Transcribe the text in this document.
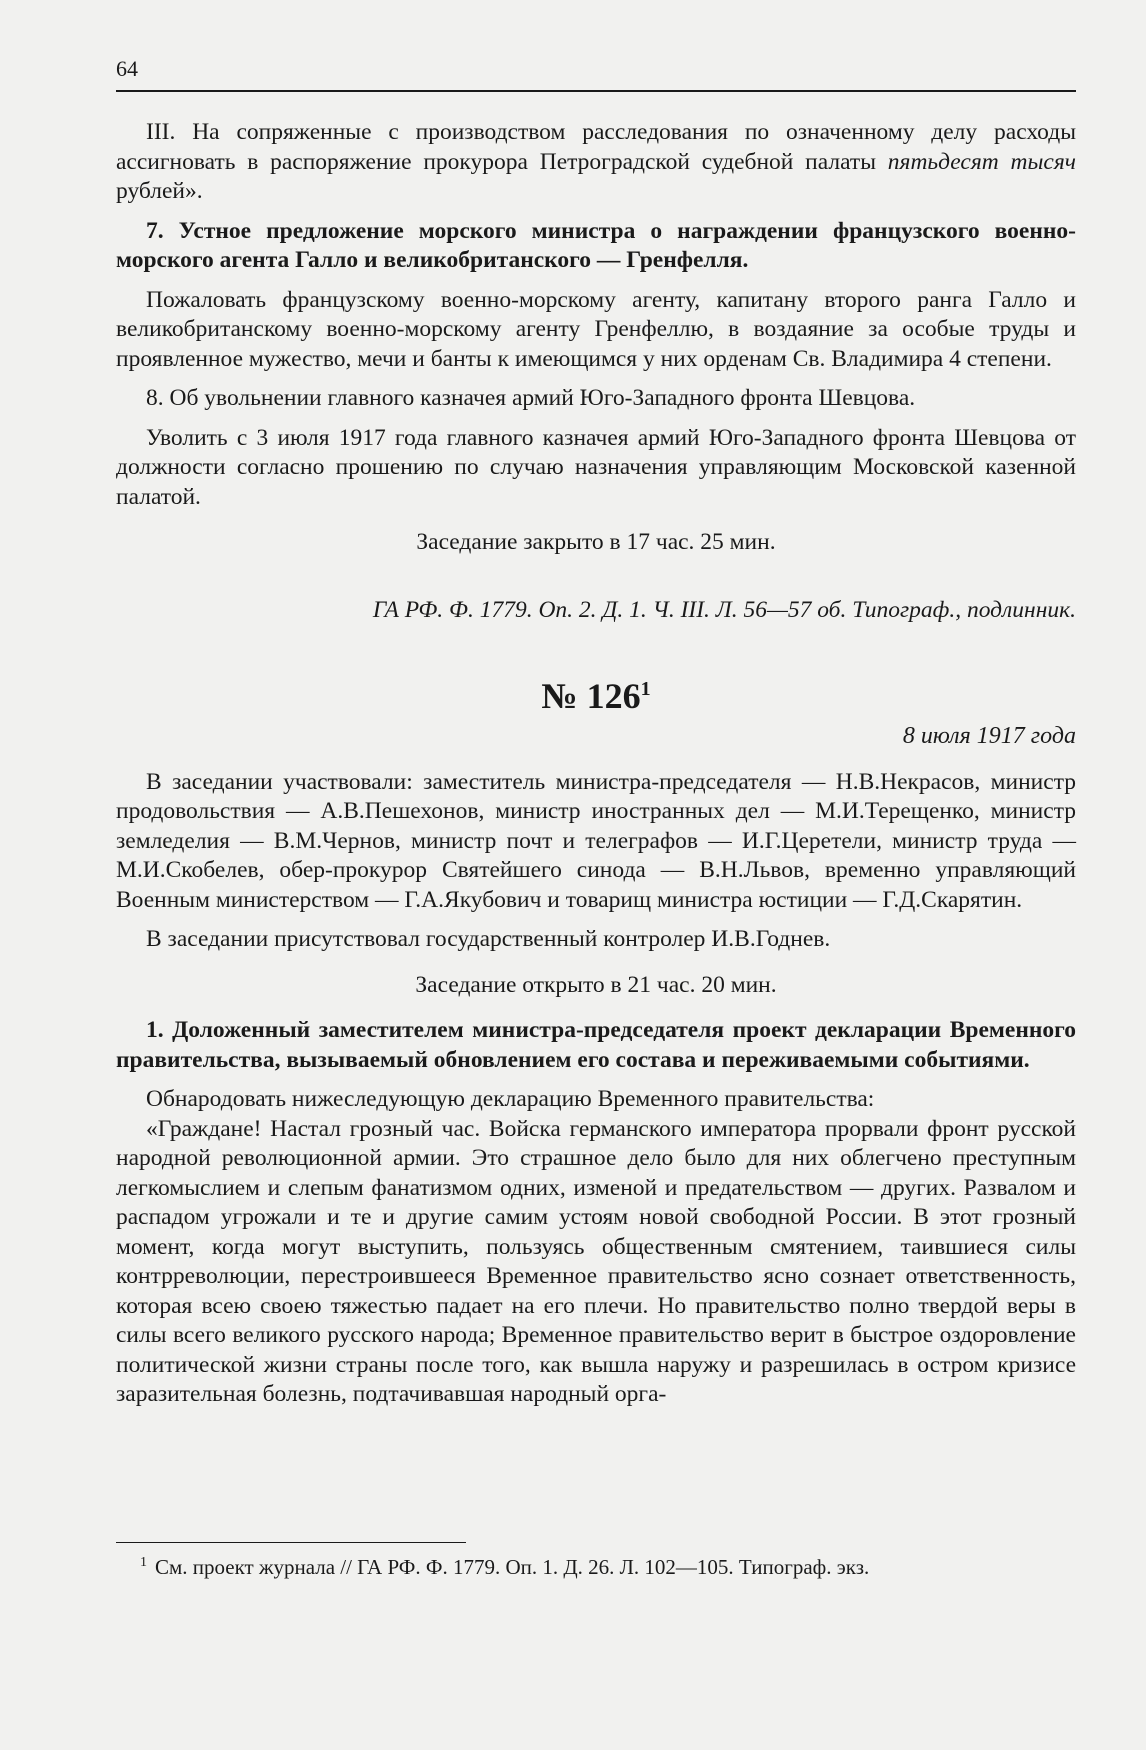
64

III. На сопряженные с производством расследования по означенному делу расходы ассигновать в распоряжение прокурора Петроградской судебной палаты пятьдесят тысяч рублей».

7. Устное предложение морского министра о награждении французского военно-морского агента Галло и великобританского — Гренфелля.

Пожаловать французскому военно-морскому агенту, капитану второго ранга Галло и великобританскому военно-морскому агенту Гренфеллю, в воздаяние за особые труды и проявленное мужество, мечи и банты к имеющимся у них орденам Св. Владимира 4 степени.

8. Об увольнении главного казначея армий Юго-Западного фронта Шевцова.

Уволить с 3 июля 1917 года главного казначея армий Юго-Западного фронта Шевцова от должности согласно прошению по случаю назначения управляющим Московской казенной палатой.

Заседание закрыто в 17 час. 25 мин.

ГА РФ. Ф. 1779. Оп. 2. Д. 1. Ч. III. Л. 56—57 об. Типограф., подлинник.

№ $126^1$

8 июля 1917 года

В заседании участвовали: заместитель министра-председателя — Н.В.Некрасов, министр продовольствия — А.В.Пешехонов, министр иностранных дел — М.И.Терещенко, министр земледелия — В.М.Чернов, министр почт и телеграфов — И.Г.Церетели, министр труда — М.И.Скобелев, обер-прокурор Святейшего синода — В.Н.Львов, временно управляющий Военным министерством — Г.А.Якубович и товарищ министра юстиции — Г.Д.Скарятин.

В заседании присутствовал государственный контролер И.В.Годнев.

Заседание открыто в 21 час. 20 мин.

1. Доложенный заместителем министра-председателя проект декларации Временного правительства, вызываемый обновлением его состава и переживаемыми событиями.

Обнародовать нижеследующую декларацию Временного правительства:

«Граждане! Настал грозный час. Войска германского императора прорвали фронт русской народной революционной армии. Это страшное дело было для них облегчено преступным легкомыслием и слепым фанатизмом одних, изменой и предательством — других. Развалом и распадом угрожали и те и другие самим устоям новой свободной России. В этот грозный момент, когда могут выступить, пользуясь общественным смятением, таившиеся силы контрреволюции, перестроившееся Временное правительство ясно сознает ответственность, которая всею своею тяжестью падает на его плечи. Но правительство полно твердой веры в силы всего великого русского народа; Временное правительство верит в быстрое оздоровление политической жизни страны после того, как вышла наружу и разрешилась в остром кризисе заразительная болезнь, подтачивавшая народный орга-

$^1$ См. проект журнала // ГА РФ. Ф. 1779. Оп. 1. Д. 26. Л. 102—105. Типограф. экз.
